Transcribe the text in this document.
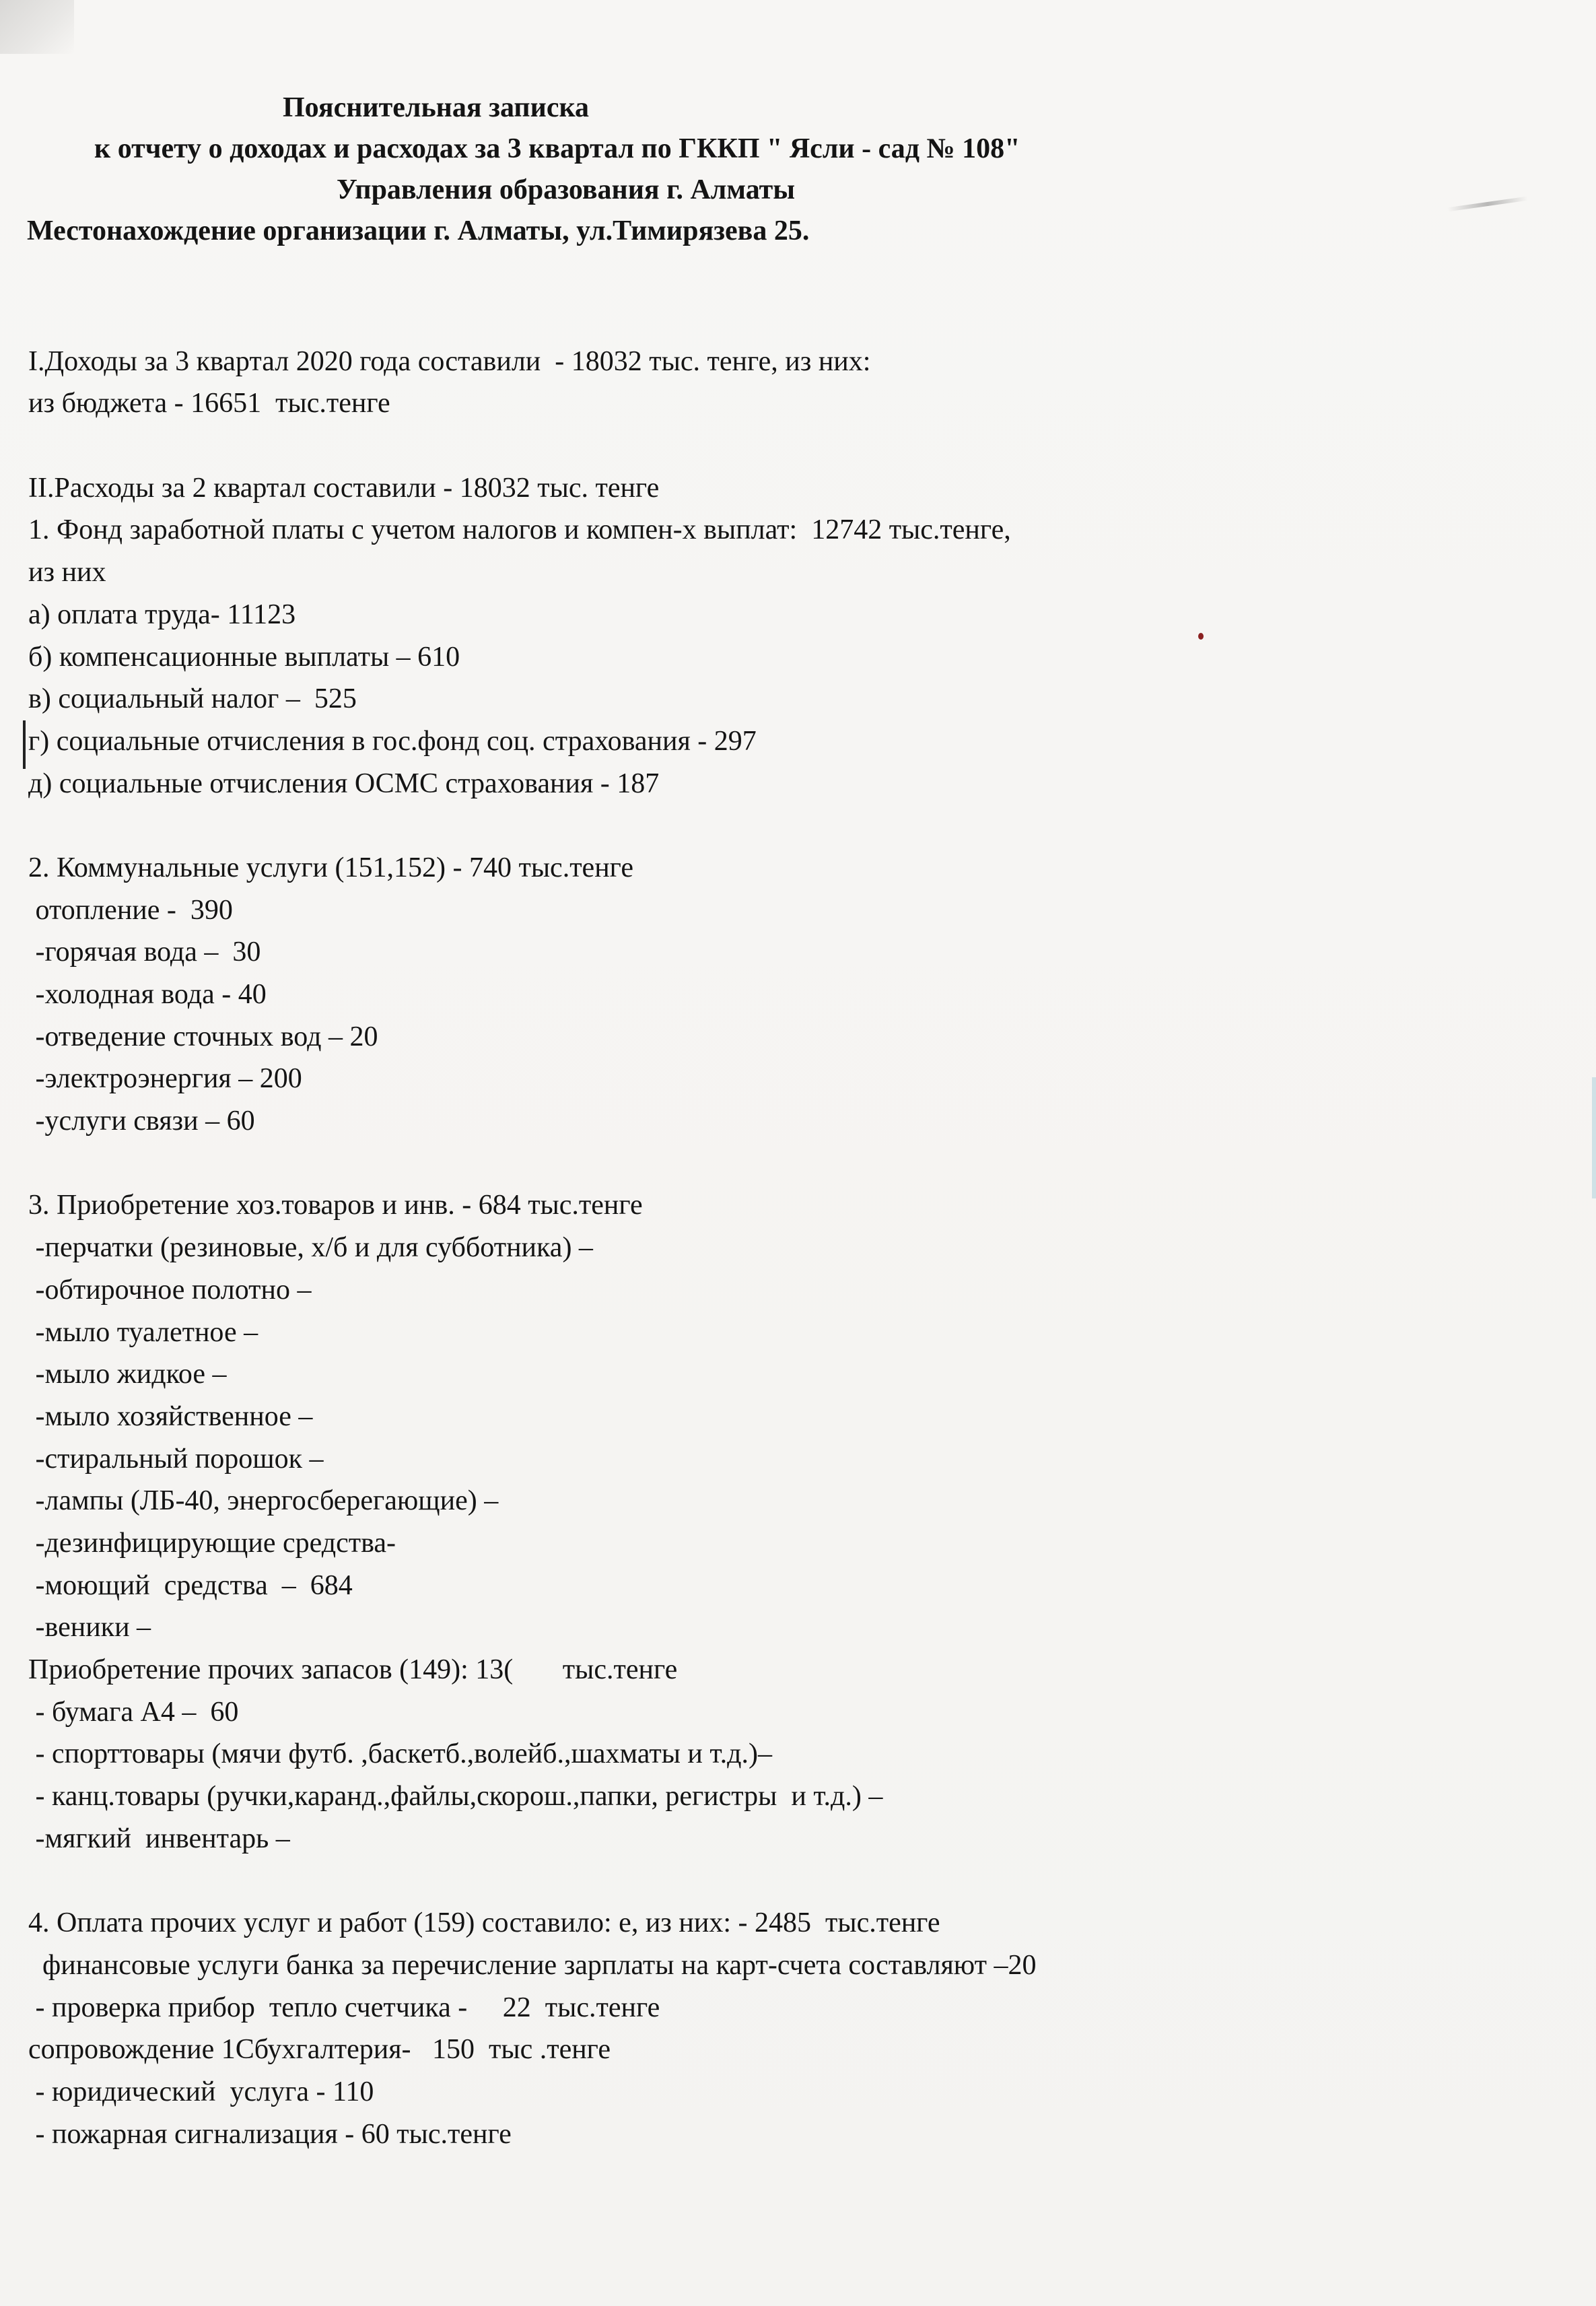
Пояснительная записка
к отчету о доходах и расходах за 3 квартал по ГККП " Ясли - сад № 108"
Управления образования г. Алматы
Местонахождение организации г. Алматы, ул.Тимирязева 25.
I.Доходы за 3 квартал 2020 года составили  - 18032 тыс. тенге, из них:
из бюджета - 16651  тыс.тенге
II.Расходы за 2 квартал составили - 18032 тыс. тенге
1. Фонд заработной платы с учетом налогов и компен-х выплат:  12742 тыс.тенге,
из них
а) оплата труда- 11123
б) компенсационные выплаты – 610
в) социальный налог –  525
г) социальные отчисления в гос.фонд соц. страхования - 297
д) социальные отчисления ОСМС страхования - 187
2. Коммунальные услуги (151,152) - 740 тыс.тенге
отопление -  390
-горячая вода –  30
-холодная вода - 40
-отведение сточных вод – 20
-электроэнергия – 200
-услуги связи – 60
3. Приобретение хоз.товаров и инв. - 684 тыс.тенге
-перчатки (резиновые, х/б и для субботника) –
-обтирочное полотно –
-мыло туалетное –
-мыло жидкое –
-мыло хозяйственное –
-стиральный порошок –
-лампы (ЛБ-40, энергосберегающие) –
-дезинфицирующие средства-
-моющий  средства  –  684
-веники –
Приобретение прочих запасов (149): 13(       тыс.тенге
- бумага А4 –  60
- спорттовары (мячи футб. ,баскетб.,волейб.,шахматы и т.д.)–
- канц.товары (ручки,каранд.,файлы,скорош.,папки, регистры  и т.д.) –
-мягкий  инвентарь –
4. Оплата прочих услуг и работ (159) составило: е, из них: - 2485  тыс.тенге
финансовые услуги банка за перечисление зарплаты на карт-счета составляют –20
- проверка прибор  тепло счетчика -     22  тыс.тенге
сопровождение 1Cбухгалтерия-   150  тыс .тенге
- юридический  услуга - 110
- пожарная сигнализация - 60 тыс.тенге
